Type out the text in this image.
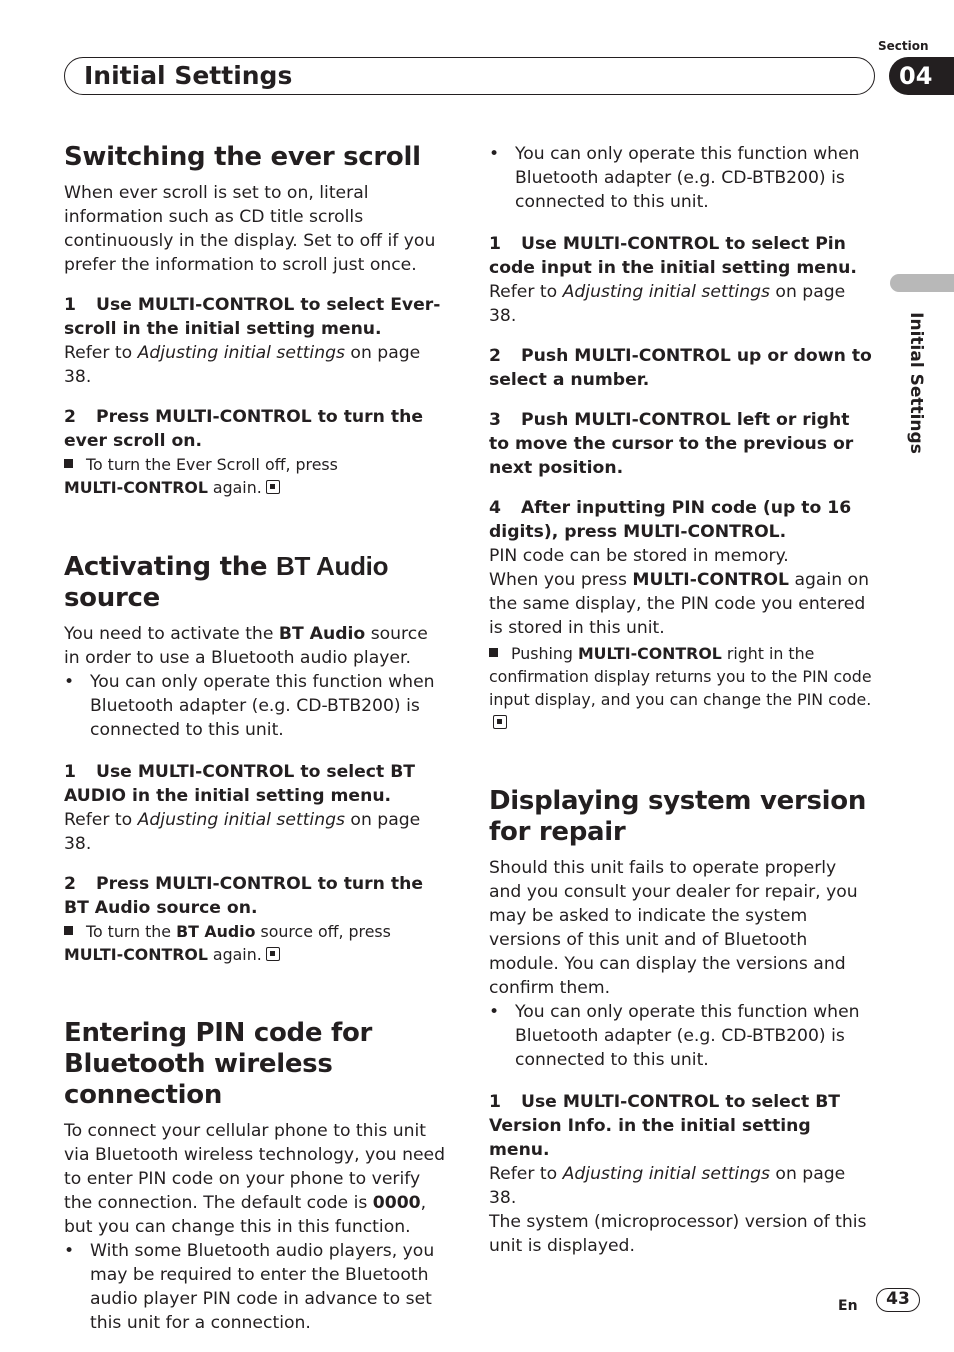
Section
04
Initial Settings
Initial Settings
Switching the ever scroll

When ever scroll is set to on, literal information such as CD title scrolls continuously in the display. Set to off if you prefer the information to scroll just once.

1 Use MULTI-CONTROL to select Ever-scroll in the initial setting menu.

Refer to Adjusting initial settings on page 38.

2 Press MULTI-CONTROL to turn the ever scroll on.
To turn the Ever Scroll off, press
MULTI-CONTROL again.
Activating the BT Audio source

You need to activate the BT Audio source in order to use a Bluetooth audio player.

• You can only operate this function when Bluetooth adapter (e.g. CD-BTB200) is connected to this unit.
1 Use MULTI-CONTROL to select BT AUDIO in the initial setting menu.

Refer to Adjusting initial settings on page 38.

2 Press MULTI-CONTROL to turn the BT Audio source on.
To turn the BT Audio source off, press
MULTI-CONTROL again.
Entering PIN code for Bluetooth wireless connection

To connect your cellular phone to this unit via Bluetooth wireless technology, you need to enter PIN code on your phone to verify the connection. The default code is 0000, but you can change this in this function.

• With some Bluetooth audio players, you may be required to enter the Bluetooth audio player PIN code in advance to set this unit for a connection.
• You can only operate this function when Bluetooth adapter (e.g. CD-BTB200) is connected to this unit.
1 Use MULTI-CONTROL to select Pin code input in the initial setting menu.

Refer to Adjusting initial settings on page 38.

2 Push MULTI-CONTROL up or down to select a number.
3 Push MULTI-CONTROL left or right to move the cursor to the previous or next position.
4 After inputting PIN code (up to 16 digits), press MULTI-CONTROL.

PIN code can be stored in memory.

When you press MULTI-CONTROL again on the same display, the PIN code you entered is stored in this unit.

Pushing MULTI-CONTROL right in the confirmation display returns you to the PIN code input display, and you can change the PIN code.
Displaying system version for repair

Should this unit fails to operate properly and you consult your dealer for repair, you may be asked to indicate the system versions of this unit and of Bluetooth module. You can display the versions and confirm them.

• You can only operate this function when Bluetooth adapter (e.g. CD-BTB200) is connected to this unit.
1 Use MULTI-CONTROL to select BT Version Info. in the initial setting menu.

Refer to Adjusting initial settings on page 38.

The system (microprocessor) version of this unit is displayed.

En	43
